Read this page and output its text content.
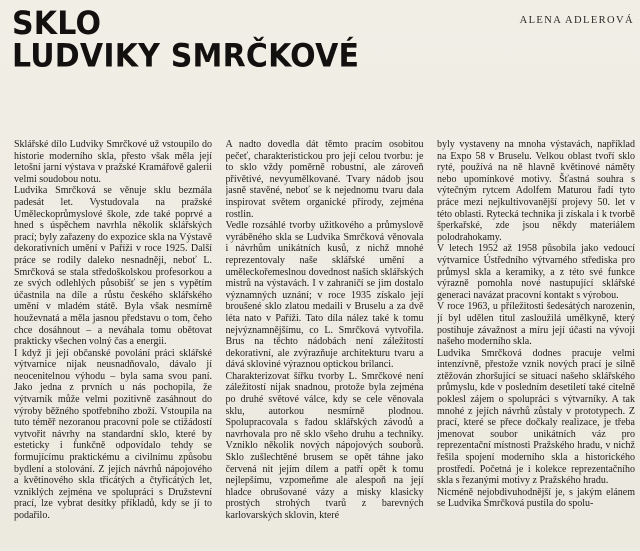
SKLO
LUDVIKY SMRČKOVÉ
ALENA ADLEROVÁ

Sklářské dílo Ludviky Smrčkové už vstoupilo do historie moderního skla, přesto však měla její letošní jarní výstava v pražské Kramářově galerii velmi soudobou notu.

Ludvika Smrčková se věnuje sklu bezmála padesát let. Vystudovala na pražské Uměleckoprůmyslové škole, zde také poprvé a hned s úspěchem navrhla několik sklářských prací; byly zařazeny do expozice skla na Výstavě dekorativních umění v Paříži v roce 1925. Další práce se rodily daleko nesnadněji, neboť L. Smrčková se stala středoškolskou profesorkou a ze svých odlehlých působišť se jen s vypětím účastnila na díle a růstu českého sklářského umění v mladém státě. Byla však nesmírně houževnatá a měla jasnou představu o tom, čeho chce dosáhnout – a neváhala tomu obětovat prakticky všechen volný čas a energii.

I když ji její občanské povolání práci sklářské výtvarnice nijak neusnadňovalo, dávalo jí neocenitelnou výhodu – byla sama svou paní. Jako jedna z prvních u nás pochopila, že výtvarník může velmi pozitivně zasáhnout do výroby běžného spotřebního zboží. Vstoupila na tuto téměř nezoranou pracovní pole se ctižádostí vytvořit návrhy na standardní sklo, které by esteticky i funkčně odpovídalo tehdy se formujícímu praktickému a civilnímu způsobu bydlení a stolování. Z jejích návrhů nápojového a květinového skla třicátých a čtyřicátých let, vzniklých zejména ve spolupráci s Družstevní prací, lze vybrat desítky příkladů, kdy se jí to podařilo.

A nadto dovedla dát těmto pracím osobitou pečeť, charakteristickou pro její celou tvorbu: je to sklo vždy poměrně robustní, ale zároveň přívětivé, nevyumělkované. Tvary nádob jsou jasně stavěné, neboť se k nejednomu tvaru dala inspirovat světem organické přírody, zejména rostlin.

Vedle rozsáhlé tvorby užitkového a průmyslově vyráběného skla se Ludvika Smrčková věnovala i návrhům unikátních kusů, z nichž mnohé reprezentovaly naše sklářské umění a uměleckořemeslnou dovednost našich sklářských mistrů na výstavách. I v zahraničí se jim dostalo významných uznání; v roce 1935 získalo její broušené sklo zlatou medaili v Bruselu a za dvě léta nato v Paříži. Tato díla nález také k tomu nejvýznamnějšímu, co L. Smrčková vytvořila. Brus na těchto nádobách není záležitostí dekorativní, ale zvýrazňuje architekturu tvaru a dává skloviné výraznou optickou brilanci.

Charakterizovat šířku tvorby L. Smrčkové není záležitostí nijak snadnou, protože byla zejména po druhé světové válce, kdy se cele věnovala sklu, autorkou nesmírně plodnou. Spolupracovala s řadou sklářských závodů a navrhovala pro ně sklo všeho druhu a techniky. Vzniklo několik nových nápojových souborů. Sklo zušlechtěné brusem se opět táhne jako červená nit jejím dílem a patří opět k tomu nejlepšímu, vzpomeňme ale alespoň na její hladce obrušované vázy a misky klasicky prostých strohých tvarů z barevných karlovarských sklovin, které

byly vystaveny na mnoha výstavách, například na Expo 58 v Bruselu. Velkou oblast tvoří sklo ryté, používá na ně hlavně květinové náměty nebo upomínkové motivy. Šťastná souhra s výtečným rytcem Adolfem Maturou řadí tyto práce mezi nejkultivovanější projevy 50. let v této oblasti. Rytecká technika ji získala i k tvorbě šperkařské, zde jsou někdy materiálem polodrahokamy.

V letech 1952 až 1958 působila jako vedoucí výtvarnice Ústředního výtvarného střediska pro průmysl skla a keramiky, a z této své funkce výrazně pomohla nové nastupující sklářské generaci navázat pracovní kontakt s výrobou.

V roce 1963, u příležitosti šedesátých narozenin, jí byl udělen titul zasloužilá umělkyně, který postihuje závažnost a míru její účasti na vývoji našeho moderního skla.

Ludvika Smrčková dodnes pracuje velmi intenzívně, přestože vznik nových prací je silně ztěžován zhoršující se situací našeho sklářského průmyslu, kde v posledním desetiletí také citelně poklesl zájem o spolupráci s výtvarníky. A tak mnohé z jejích návrhů zůstaly v prototypech. Z prací, které se přece dočkaly realizace, je třeba jmenovat soubor unikátních váz pro reprezentační místnosti Pražského hradu, v nichž řešila spojení moderního skla a historického prostředí. Početná je i kolekce reprezentačního skla s řezanými motivy z Pražského hradu.

Nicméně nejobdivuhodnější je, s jakým elánem se Ludvika Smrčková pustila do spolu-
